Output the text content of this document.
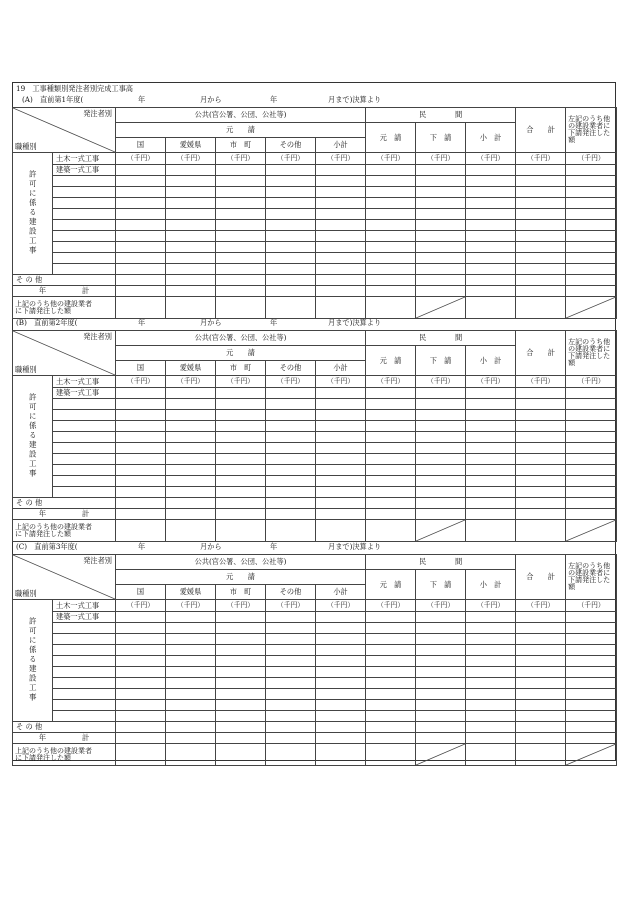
19　工事種類別発注者別完成工事高
(A)　直前第1年度(	年	月から	年	月まで)決算より
(B)　直前第2年度(	年	月から	年	月まで)決算より
(C)　直前第3年度(	年	月から	年	月まで)決算より
発注者別
職種別		公共(官公署、公団、公社等)					民　　　　間			合　　計	左記のうち他の建設業者に下請発注した額
		元　　請					元　請	下　請	小　計		
		国	愛媛県	市　町	その他	小計					
許可に係る建設工事	土木一式工事	（千円）	（千円）	（千円）	（千円）	（千円）	（千円）	（千円）	（千円）	（千円）	（千円）
	建築一式工事										

そ の 他											
年　　　　　計											
上記のうち他の建設業者
に下請発注した額							

発注者別
職種別		公共(官公署、公団、公社等)					民　　　　間			合　　計	左記のうち他の建設業者に下請発注した額
		元　　請					元　請	下　請	小　計		
		国	愛媛県	市　町	その他	小計					
許可に係る建設工事	土木一式工事	（千円）	（千円）	（千円）	（千円）	（千円）	（千円）	（千円）	（千円）	（千円）	（千円）
	建築一式工事										

そ の 他											
年　　　　　計											
上記のうち他の建設業者
に下請発注した額							

発注者別
職種別		公共(官公署、公団、公社等)					民　　　　間			合　　計	左記のうち他の建設業者に下請発注した額
		元　　請					元　請	下　請	小　計		
		国	愛媛県	市　町	その他	小計					
許可に係る建設工事	土木一式工事	（千円）	（千円）	（千円）	（千円）	（千円）	（千円）	（千円）	（千円）	（千円）	（千円）
	建築一式工事										

そ の 他											
年　　　　　計											
上記のうち他の建設業者
に下請発注した額							
